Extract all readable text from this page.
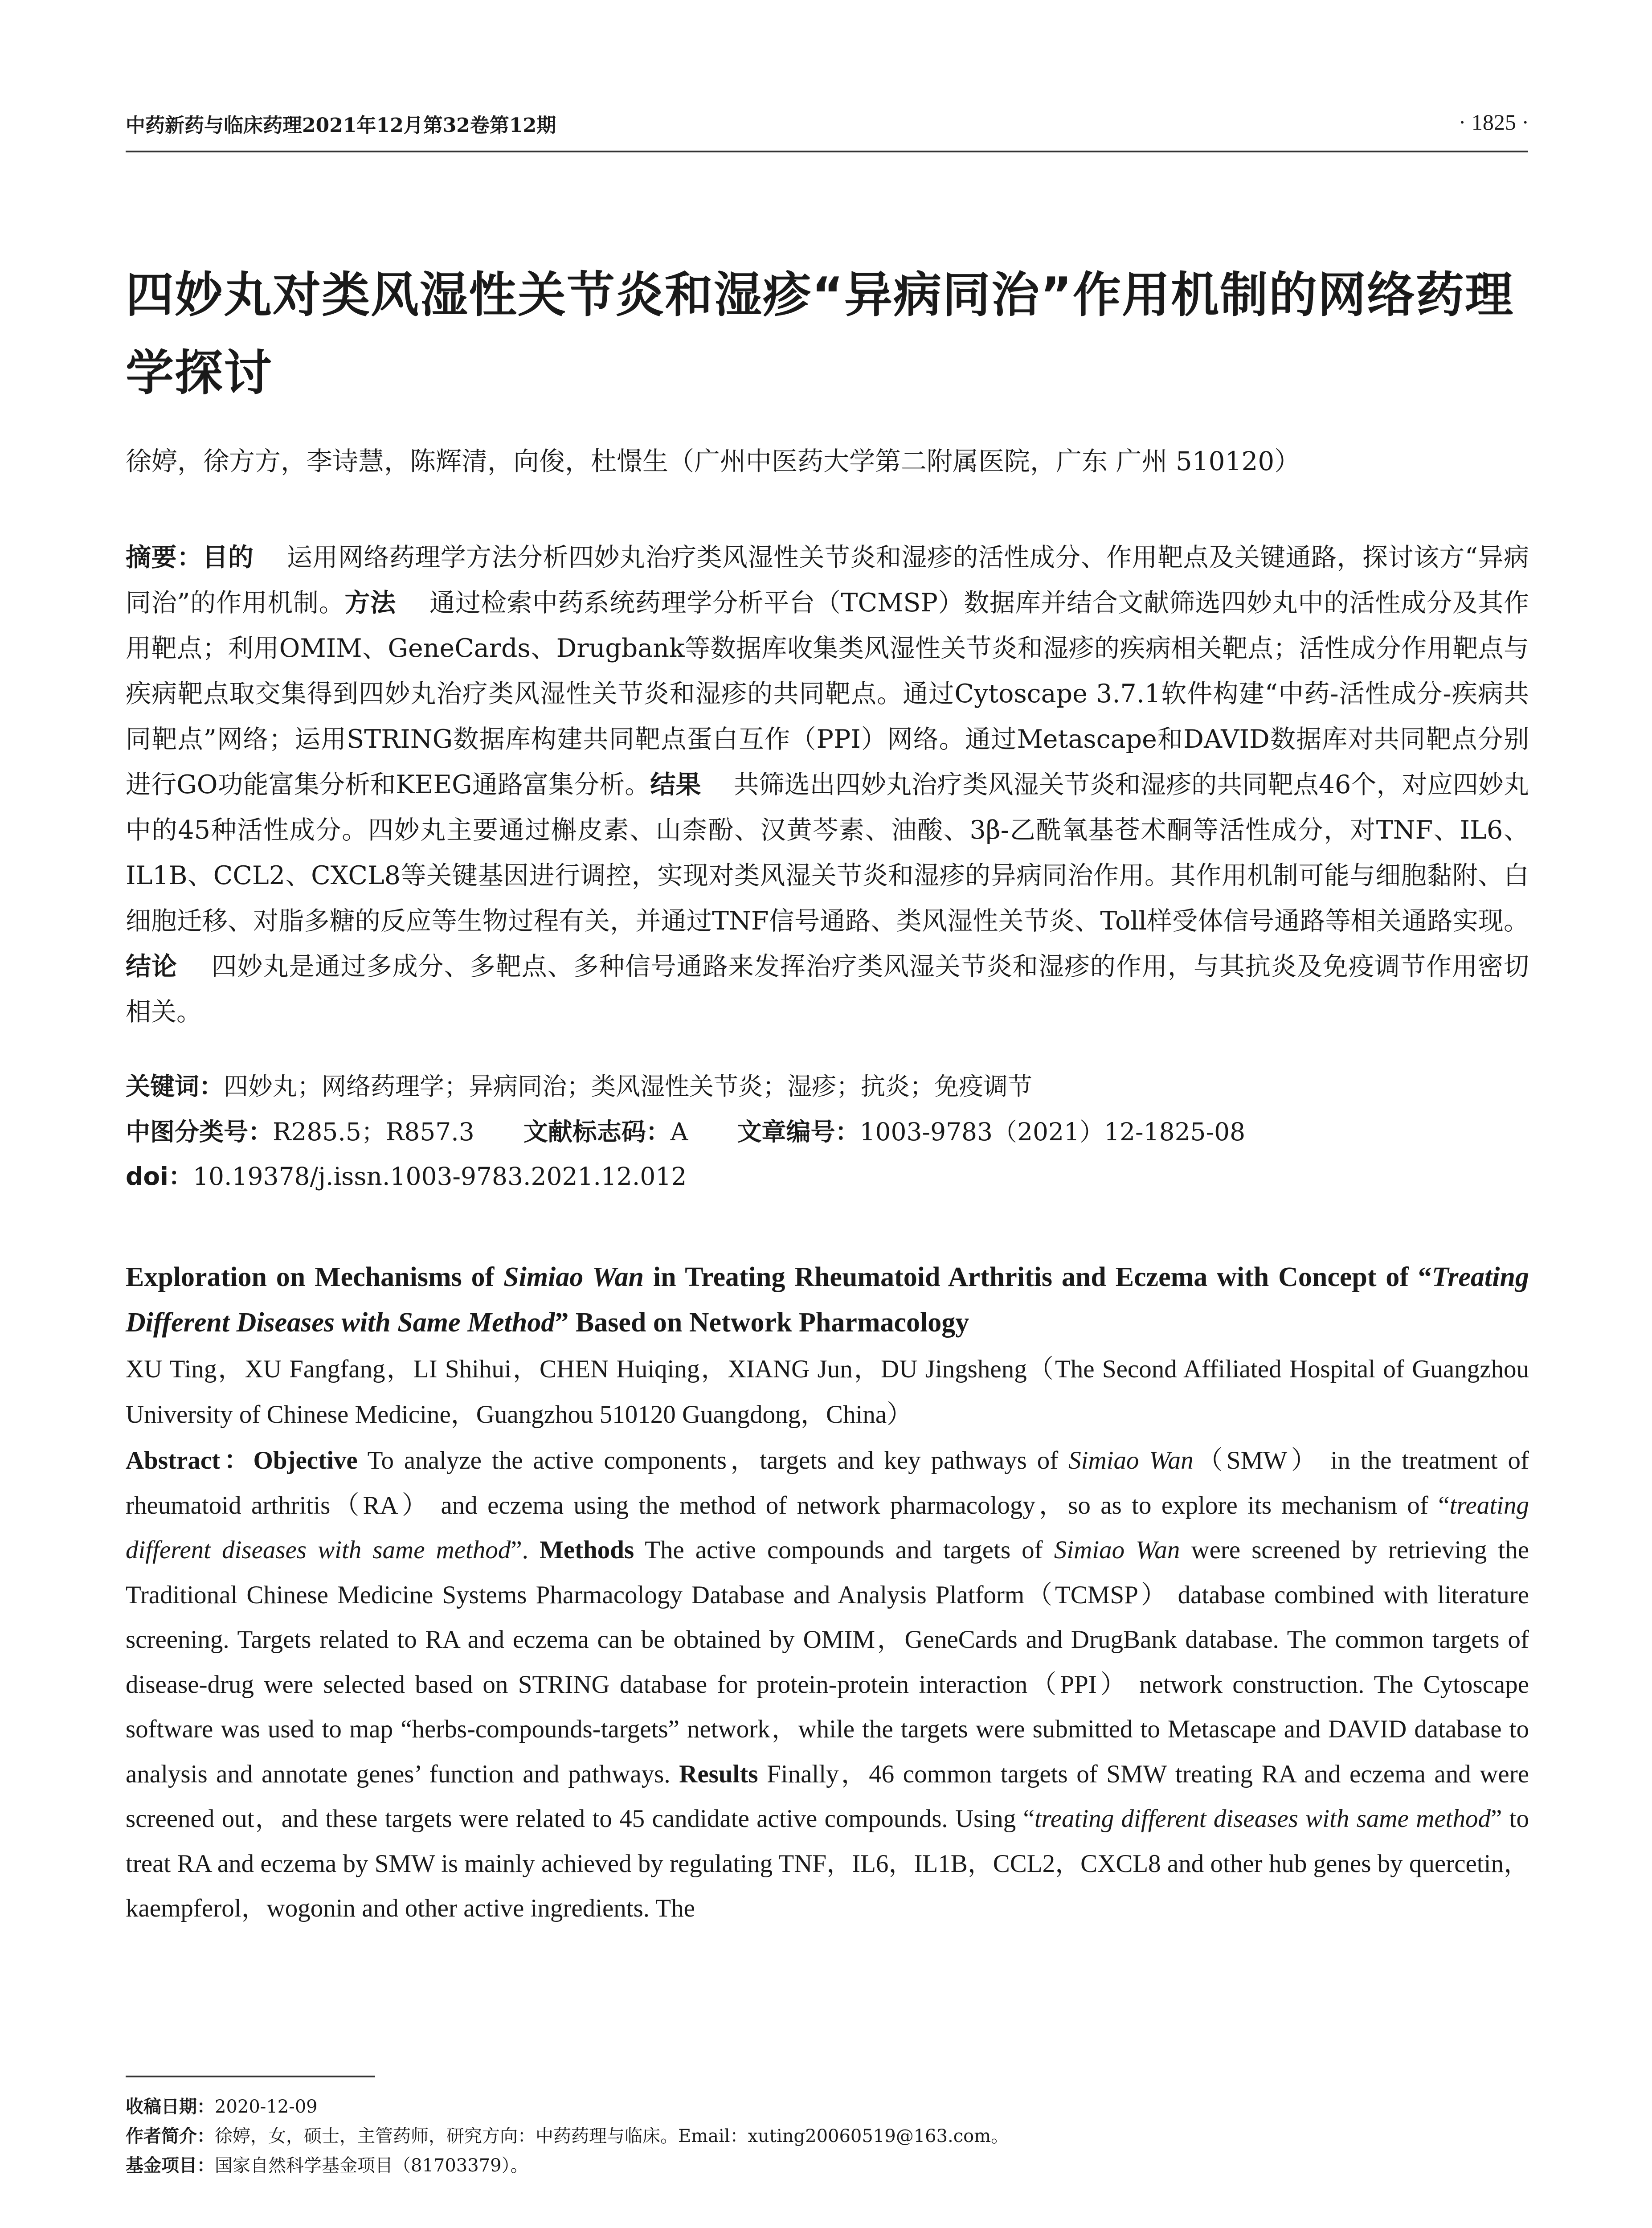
中药新药与临床药理2021年12月第32卷第12期	· 1825 ·
四妙丸对类风湿性关节炎和湿疹“异病同治”作用机制的网络药理学探讨
徐婷，徐方方，李诗慧，陈辉清，向俊，杜憬生（广州中医药大学第二附属医院，广东 广州 510120）
摘要：目的 运用网络药理学方法分析四妙丸治疗类风湿性关节炎和湿疹的活性成分、作用靶点及关键通路，探讨该方“异病同治”的作用机制。方法 通过检索中药系统药理学分析平台（TCMSP）数据库并结合文献筛选四妙丸中的活性成分及其作用靶点；利用OMIM、GeneCards、Drugbank等数据库收集类风湿性关节炎和湿疹的疾病相关靶点；活性成分作用靶点与疾病靶点取交集得到四妙丸治疗类风湿性关节炎和湿疹的共同靶点。通过Cytoscape 3.7.1软件构建“中药-活性成分-疾病共同靶点”网络；运用STRING数据库构建共同靶点蛋白互作（PPI）网络。通过Metascape和DAVID数据库对共同靶点分别进行GO功能富集分析和KEEG通路富集分析。结果 共筛选出四妙丸治疗类风湿关节炎和湿疹的共同靶点46个，对应四妙丸中的45种活性成分。四妙丸主要通过槲皮素、山柰酚、汉黄芩素、油酸、3β-乙酰氧基苍术酮等活性成分，对TNF、IL6、IL1B、CCL2、CXCL8等关键基因进行调控，实现对类风湿关节炎和湿疹的异病同治作用。其作用机制可能与细胞黏附、白细胞迁移、对脂多糖的反应等生物过程有关，并通过TNF信号通路、类风湿性关节炎、Toll样受体信号通路等相关通路实现。结论 四妙丸是通过多成分、多靶点、多种信号通路来发挥治疗类风湿关节炎和湿疹的作用，与其抗炎及免疫调节作用密切相关。
关键词：四妙丸；网络药理学；异病同治；类风湿性关节炎；湿疹；抗炎；免疫调节
中图分类号：R285.5；R857.3 文献标志码：A 文章编号：1003-9783（2021）12-1825-08
doi：10.19378/j.issn.1003-9783.2021.12.012
Exploration on Mechanisms of Simiao Wan in Treating Rheumatoid Arthritis and Eczema with Concept of “Treating Different Diseases with Same Method” Based on Network Pharmacology
XU Ting，XU Fangfang，LI Shihui，CHEN Huiqing，XIANG Jun，DU Jingsheng（The Second Affiliated Hospital of Guangzhou University of Chinese Medicine，Guangzhou 510120 Guangdong，China）
Abstract：Objective To analyze the active components，targets and key pathways of Simiao Wan（SMW） in the treatment of rheumatoid arthritis（RA） and eczema using the method of network pharmacology，so as to explore its mechanism of “treating different diseases with same method”. Methods The active compounds and targets of Simiao Wan were screened by retrieving the Traditional Chinese Medicine Systems Pharmacology Database and Analysis Platform（TCMSP） database combined with literature screening. Targets related to RA and eczema can be obtained by OMIM，GeneCards and DrugBank database. The common targets of disease-drug were selected based on STRING database for protein-protein interaction（PPI） network construction. The Cytoscape software was used to map “herbs-compounds-targets” network，while the targets were submitted to Metascape and DAVID database to analysis and annotate genes’ function and pathways. Results Finally，46 common targets of SMW treating RA and eczema and were screened out，and these targets were related to 45 candidate active compounds. Using “treating different diseases with same method” to treat RA and eczema by SMW is mainly achieved by regulating TNF，IL6，IL1B，CCL2，CXCL8 and other hub genes by quercetin，kaempferol，wogonin and other active ingredients. The
收稿日期：2020-12-09
作者简介：徐婷，女，硕士，主管药师，研究方向：中药药理与临床。Email：xuting20060519@163.com。
基金项目：国家自然科学基金项目（81703379）。
